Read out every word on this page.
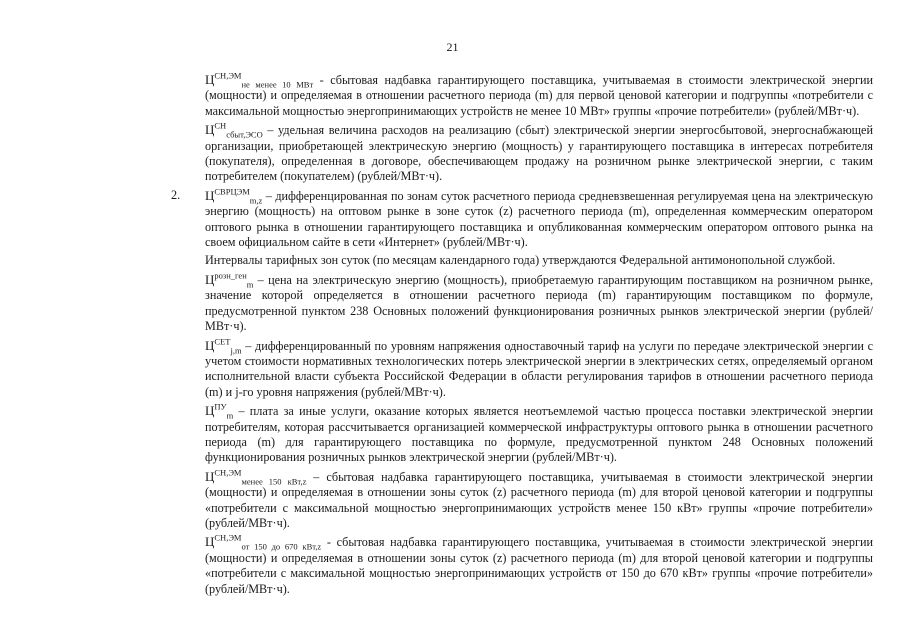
21

$Ц^{СН,ЭМ}_{не менее 10 МВт}$ - сбытовая надбавка гарантирующего поставщика, учитываемая в стоимости электрической энергии (мощности) и определяемая в отношении расчетного периода (m) для первой ценовой категории и подгруппы «потребители с максимальной мощностью энергопринимающих устройств не менее 10 МВт» группы «прочие потребители» (рублей/МВт·ч).

$Ц^{СН}_{сбыт,ЭСО}$ – удельная величина расходов на реализацию (сбыт) электрической энергии энергосбытовой, энергоснабжающей организации, приобретающей электрическую энергию (мощность) у гарантирующего поставщика в интересах потребителя (покупателя), определенная в договоре, обеспечивающем продажу на розничном рынке электрической энергии, с таким потребителем (покупателем) (рублей/МВт·ч).

2. $Ц^{СВРЦЭМ}_{m,z}$ – дифференцированная по зонам суток расчетного периода средневзвешенная регулируемая цена на электрическую энергию (мощность) на оптовом рынке в зоне суток (z) расчетного периода (m), определенная коммерческим оператором оптового рынка в отношении гарантирующего поставщика и опубликованная коммерческим оператором оптового рынка на своем официальном сайте в сети «Интернет» (рублей/МВт·ч).

Интервалы тарифных зон суток (по месяцам календарного года) утверждаются Федеральной антимонопольной службой.

$Ц^{розн\_ген}_m$ – цена на электрическую энергию (мощность), приобретаемую гарантирующим поставщиком на розничном рынке, значение которой определяется в отношении расчетного периода (m) гарантирующим поставщиком по формуле, предусмотренной пунктом 238 Основных положений функционирования розничных рынков электрической энергии (рублей/МВт·ч).

$Ц^{СЕТ}_{j,m}$ – дифференцированный по уровням напряжения одноставочный тариф на услуги по передаче электрической энергии с учетом стоимости нормативных технологических потерь электрической энергии в электрических сетях, определяемый органом исполнительной власти субъекта Российской Федерации в области регулирования тарифов в отношении расчетного периода (m) и j-го уровня напряжения (рублей/МВт·ч).

$Ц^{ПУ}_m$ – плата за иные услуги, оказание которых является неотъемлемой частью процесса поставки электрической энергии потребителям, которая рассчитывается организацией коммерческой инфраструктуры оптового рынка в отношении расчетного периода (m) для гарантирующего поставщика по формуле, предусмотренной пунктом 248 Основных положений функционирования розничных рынков электрической энергии (рублей/МВт·ч).

$Ц^{СН,ЭМ}_{менее 150 кВт,z}$ – сбытовая надбавка гарантирующего поставщика, учитываемая в стоимости электрической энергии (мощности) и определяемая в отношении зоны суток (z) расчетного периода (m) для второй ценовой категории и подгруппы «потребители с максимальной мощностью энергопринимающих устройств менее 150 кВт» группы «прочие потребители» (рублей/МВт·ч).

$Ц^{СН,ЭМ}_{от 150 до 670 кВт,z}$ - сбытовая надбавка гарантирующего поставщика, учитываемая в стоимости электрической энергии (мощности) и определяемая в отношении зоны суток (z) расчетного периода (m) для второй ценовой категории и подгруппы «потребители с максимальной мощностью энергопринимающих устройств от 150 до 670 кВт» группы «прочие потребители» (рублей/МВт·ч).
